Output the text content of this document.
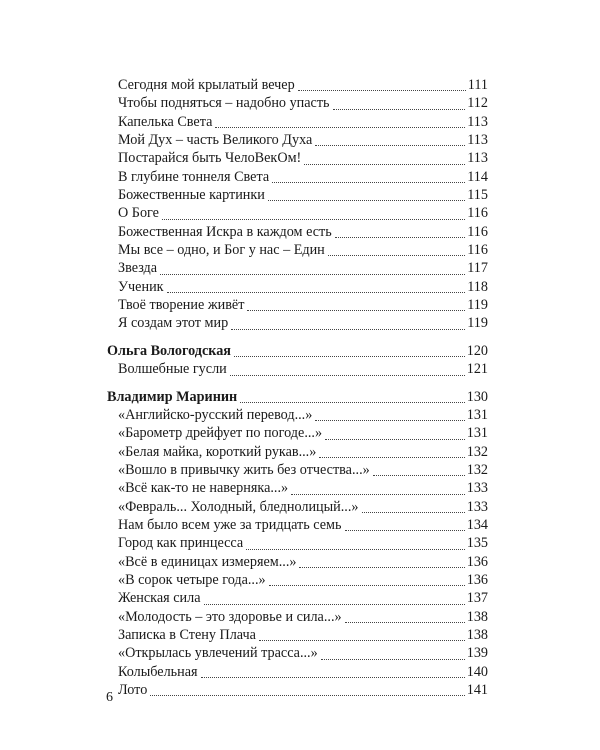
Сегодня мой крылатый вечер	111
Чтобы подняться – надобно упасть	112
Капелька Света	113
Мой Дух – часть Великого Духа	113
Постарайся быть ЧелоВекОм!	113
В глубине тоннеля Света	114
Божественные картинки	115
О Боге	116
Божественная Искра в каждом есть	116
Мы все – одно, и Бог у нас – Един	116
Звезда	117
Ученик	118
Твоё творение живёт	119
Я создам этот мир	119
Ольга Вологодская	120
Волшебные гусли	121
Владимир Маринин	130
«Английско-русский перевод...»	131
«Барометр дрейфует по погоде...»	131
«Белая майка, короткий рукав...»	132
«Вошло в привычку жить без отчества...»	132
«Всё как-то не наверняка...»	133
«Февраль... Холодный, бледнолицый...»	133
Нам было всем уже за тридцать семь	134
Город как принцесса	135
«Всё в единицах измеряем...»	136
«В сорок четыре года...»	136
Женская сила	137
«Молодость – это здоровье и сила...»	138
Записка в Стену Плача	138
«Открылась увлечений трасса...»	139
Колыбельная	140
Лото	141
6
